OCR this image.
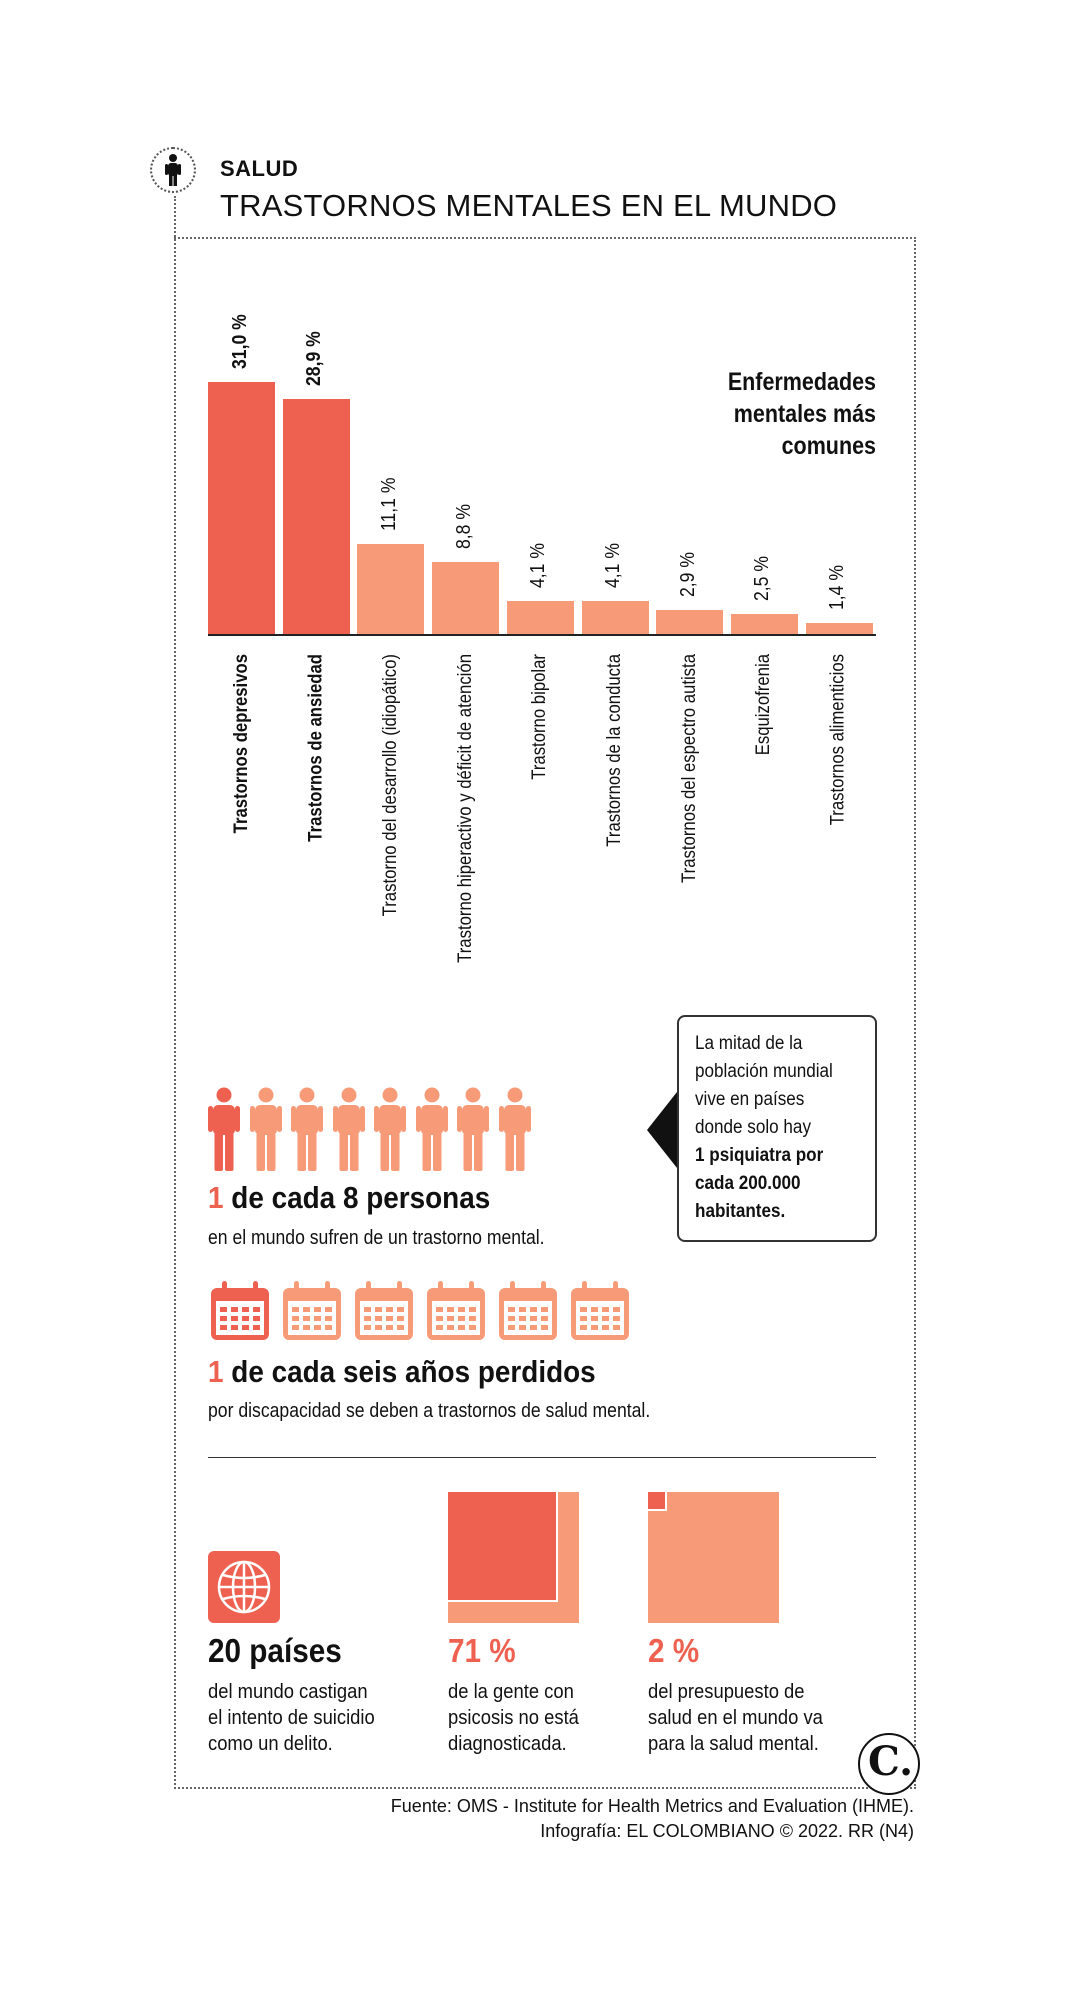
SALUD
TRASTORNOS MENTALES EN EL MUNDO
31,0 %
Trastornos depresivos
28,9 %
Trastornos de ansiedad
11,1 %
Trastorno del desarrollo (idiopático)
8,8 %
Trastorno hiperactivo y déficit de atención
4,1 %
Trastorno bipolar
4,1 %
Trastornos de la conducta
2,9 %
Trastornos del espectro autista
2,5 %
Esquizofrenia
1,4 %
Trastornos alimenticios
Enfermedades
mentales más
comunes
1 de cada 8 personas
en el mundo sufren de un trastorno mental.
La mitad de la
población mundial
vive en países
donde solo hay
1 psiquiatra por
cada 200.000
habitantes.
1 de cada seis años perdidos
por discapacidad se deben a trastornos de salud mental.
20 países
del mundo castigan
el intento de suicidio
como un delito.
71 %
de la gente con
psicosis no está
diagnosticada.
2 %
del presupuesto de
salud en el mundo va
para la salud mental. C.
Fuente: OMS - Institute for Health Metrics and Evaluation (IHME).
Infografía: EL COLOMBIANO © 2022. RR (N4)
